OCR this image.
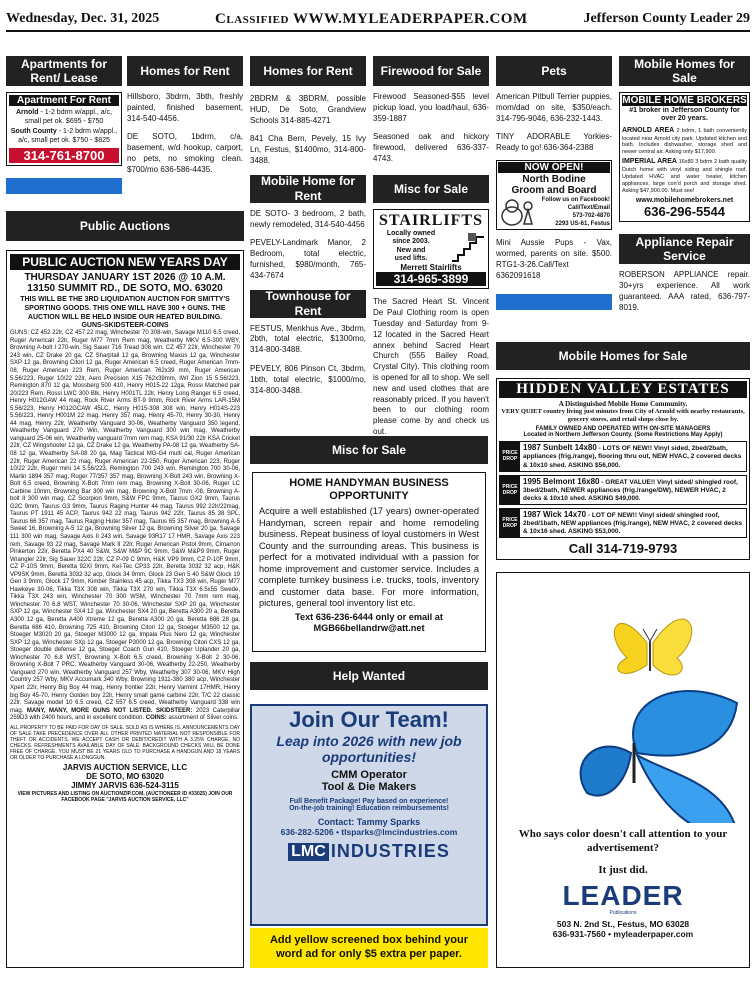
Wednesday, Dec. 31, 2025	Classified WWW.MYLEADERPAPER.COM	Jefferson County Leader 29
Apartments for Rent/ Lease
Apartment For Rent
Arnold - 1-2 bdrm w/appl., a/c, small pet ok. $695 - $750
South County - 1-2 bdrm w/appl., a/c, small pet ok. $750 - $825
314-761-8700
Public Auctions
PUBLIC AUCTION NEW YEARS DAY
THURSDAY JANUARY 1ST 2026 @ 10 A.M.
13150 SUMMIT RD., DE SOTO, MO. 63020
THIS WILL BE THE 3RD LIQUIDATION AUCTION FOR SMITTY'S SPORTING GOODS. THIS ONE WILL HAVE 300 + GUNS. THE AUCTION WILL BE HELD INSIDE OUR HEATED BUILDING.
GUNS-SKIDSTEER-COINS
GUNS: CZ 452 22lr, CZ 457 22 mag, Winchester 70 308-win, Savage M110 6.5 creed, Ruger American 22lr, Ruger M77 7mm Rem mag, Weatherby MKV 6.5-300 WBY, Browning A-bolt I 270-win, Sig Sauer 716 Tread 308 win, CZ 457 22lr, Winchester 70 243 win, CZ Drake 20 ga, CZ Sharptail 12 ga, Browning Maxus 12 ga, Winchester SXP 12 ga, Browning Citori 12 ga, Ruger American 6.5 creed, Ruger American 7mm-08, Ruger American 223 Rem, Ruger American 762x39 mm, Ruger American 5.56/223, Ruger 10/22 22lr, Aero Precision X15 762x39mm, IWI Zion 15 5.56/223, Remington 870 12 ga, Mossberg 500 410, Henry H015-22 12ga, Rossi Matched pair 20/223 Rem, Rossi LWC 300 Blk, Henry H001TL 22lr, Henry Long Ranger 6.5 creed, Henry H012GAW 44 mag, Rock River Arms BT-9 9mm, Rock River Arms LAR-15M 5.56/223, Henry H012GCAW 45LC, Henry H015-308 308 win, Henry H014S-223 5.56/223, Henry H001M 22 mag, Henry 357 mag, Henry 45-70, Henry 30-30, Henry 44 mag, Henry 22lr, Weatherby Vanguard 30-06, Weatherby Vanguard 350 legend, Weatherby Vanguard 270 Win, Weatherby Vanguard 300 win mag, Weatherby vanguard 25-06 win, Weatherby vanguard 7mm rem mag, KSA 91/30 22lr KSA Cricket 22lr, CZ Wingshooter 12 ga, CZ Drake 12 ga, Weatherby PA-08 12 ga, Weatherby SA-08 12 ga, Weatherby SA-08 20 ga, Mag Tactical MG-G4 multi cal, Ruger American 22lr, Ruger American 22 mag, Ruger American 22-250, Ruger American 223, Ruger 10/22 22lr, Ruger mini 14 5.56/223, Remington 700 243 win, Remington 700 30-06, Marlin 1894 357 mag, Ruger 77/357 357 mag, Browning X-Bolt 243 win, Browning X-Bolt 6.5 creed, Browning X-Bolt 7mm rem mag, Browning X-Bolt 30-06, Ruger LC Carbine 10mm, Browning Bar 300 win mag, Browning X-Bolt 7mm -08, Browning A-bolt II 300 win mag, CZ Scorpion 9mm, S&W FPC 9mm, Taurus GX2 9mm, Taurus G2C 9mm, Taurus G3 9mm, Taurus Raging Hunter 44 mag, Taurus 992 22lr/22mag, Taurus PT 1911 45 ACP, Taurus 942 22 mag, Taurus 942 22lr, Taurus 85 38 SPL, Taurus 66 357 mag, Taurus Raging Huter 357 mag, Taurus 65 357 mag, Browning A-5 Sweet 16, Browning A-5 12 ga, Browning Silver 12 ga, Browning Silver 20 ga, Savage 111 300 win mag, Savage Axis II 243 win, Savage 93R17 17 HMR, Savage Axis 223 rem, Savage 93 22 mag, Savage Mark II 22lr, Ruger American Pistol 9mm, Cimarron Pinkerton 22lr, Beretta PX4 40 S&W, S&W M&P 9C 9mm, S&W M&P9 9mm, Ruger Wrangler 22lr, Sig Sauer 322C 22lr, CZ P-09 C 9mm, H&K VP9 9mm, CZ P-10F 9mm, CZ P-10S 9mm, Beretta 92XI 9mm, Kel-Tec CP33 22lr, Beretta 3032 32 acp, H&K VP9SK 9mm, Beretta 3032 32 acp, Glock 34 9mm, Glock 23 Gen 5 40 S&W Glock 19 Gen 3 9mm, Glock 17 9mm, Kimber Stainless 45 acp, Tikka TX3 308 win, Ruger M77 Hawkeye 30-06, Tikka T3X 308 win, Tikka T3X 270 win, Tikka T3X 6.5x55 Swede, Tikka T3X 243 win, Winchester 70 300 WSM, Winchester 70 7mm rem mag, Winchester 70 6.8 WST, Winchester 70 30-06, Winchester SXP 20 ga, Winchester SXP 12 ga, Winchester SX4 12 ga, Winchester SX4 20 ga, Beretta A300 20 a, Beretta A300 12 ga, Beretta A400 Xtreme 12 ga, Beretta A300 20 ga, Beretta 686 28 ga, Beretta 686 410, Browning 725 410, Browning Citori 12 ga, Stoeger M3500 12 ga, Stoeger M3020 20 ga, Stoeger M3000 12 ga, Impala Plus Nero 12 ga, Winchester SXP 12 ga, Winchester SXp 12 ga, Stoeger P3000 12 ga, Browning Citori CXS 12 ga, Stoeger double defense 12 ga, Stoeger Coach Gun 410, Stoeger Uplander 20 ga, Winchester 70 6.8 WST, Browning X-Bolt 6.5 creed, Browning X-Bolt 2 30-06, Browning X-Bolt 7 PRC, Weatherby Vanguard 30-06, Weatherby 22-250, Weatherby Vanguard 270 win, Weatherby Vanguard 257 Wby, Weatherby 307 30-06, MKV High Country 257 Wby, MKV Accumark 340 Wby, Browning 1911-380 380 acp, Winchester Xpert 22lr, Henry Big Boy 44 mag, Henry frontier 22lr, Henry Varmint 17HMR, Henry big Boy 45-70, Henry Golden boy 22lr, Henry small game carbine 22lr, T/C 22 classic 22lr, Savage model 10 6.5 creed, CZ 557 6.5 creed, Weatherby Vanguard 338 win mag. MANY, MANY, MORE GUNS NOT LISTED. SKIDSTEER: 2023 Caterpillar 259D3 with 2400 hours, and in excellent condition. COINS: assortment of Silver coins.
ALL PROPERTY TO BE PAID FOR DAY OF SALE. SOLD AS IS WHERE IS. ANNOUNCEMENTS DAY OF SALE TAKE PRECEDENCE OVER ALL OTHER PRINTED MATERIAL NOT RESPONSIBLE FOR THEFT OR ACCIDENTS. WE ACCEPT CASH OR DEBIT/CREDIT WITH A 3.25% CHARGE, NO CHECKS. REFRESHMENTS AVAILABLE DAY OF SALE. BACKGROUND CHECKS WILL BE DONE FREE OF CHARGE. YOU MUST BE 21 YEARS OLD TO PURCHASE A HANDGUN AND 18 YEARS OR OLDER TO PURCHASE A LONGGUN.
JARVIS AUCTION SERVICE, LLC
DE SOTO, MO 63020
JIMMY JARVIS 636-524-3115
VIEW PICTURES AND LISTING ON AUCTIONZIP.COM, (AUCTIONEER ID #33025) JOIN OUR FACEBOOK PAGE "JARVIS AUCTION SERVICE, LLC"
Homes for Rent
Hillsboro, 3bdrm, 3bth, freshly painted, finished basement, 314-540-4456.
DE SOTO, 1bdrm, c/a, basement, w/d hookup, carport, no pets, no smoking clean. $700/mo 636-586-4435.
Homes for Rent
2BDRM & 3BDRM, possible HUD, De Soto, Grandview Schools 314-885-4271
841 Cha Bern, Pevely, 15 Ivy Ln, Festus, $1400mo, 314-800-3488.
Mobile Home for Rent
DE SOTO- 3 bedroom, 2 bath, newly remodeled, 314-540-4456
PEVELY-Landmark Manor, 2 Bedroom, total electric, furnished, $980/month, 765-434-7674
Townhouse for Rent
FESTUS, Menkhus Ave., 3bdrm, 2bth, total electric, $1300mo, 314-800-3488.
PEVELY, 806 Pinson Ct, 3bdrm, 1bth, total electric, $1000/mo, 314-800-3488.
Misc for Sale
HOME HANDYMAN BUSINESS OPPORTUNITY
Acquire a well established (17 years) owner-operated Handyman, screen repair and home remodeling business. Repeat business of loyal customers in West County and the surrounding areas. This business is perfect for a motivated individual with a passion for home improvement and customer service. Includes a complete turnkey business i.e. trucks, tools, inventory and customer data base. For more information, pictures, general tool inventory list etc.
Text 636-236-6444 only or email at MGB66bellandrw@att.net
Help Wanted
Join Our Team!
Leap into 2026 with new job opportunities!
CMM Operator
Tool & Die Makers
Full Benefit Package! Pay based on experience!
On-the-job training! Education reimbursements!
Contact: Tammy Sparks
636-282-5206 • tlsparks@lmcindustries.com
LMC INDUSTRIES
Add yellow screened box behind your word ad for only $5 extra per paper.
Firewood for Sale
Firewood Seasoned-$55 level pickup load, you load/haul, 636-359-1887
Seasoned oak and hickory firewood, delivered 636-337-4743.
Misc for Sale
STAIRLIFTS
Locally owned
since 2003.
New and
used lifts.
Merrett Stairlifts
314-965-3899
The Sacred Heart St. Vincent De Paul Clothing room is open Tuesday and Saturday from 9-12 located in the Sacred Heart annex behind Sacred Heart Church (555 Bailey Road, Crystal City). This clothing room is opened for all to shop. We sell new and used clothes that are reasonably priced. If you haven't been to our clothing room please come by and check us out.
Pets
American Pitbull Terrier puppies, mom/dad on site, $350/each. 314-795-9046, 636-232-1443.
TINY ADORABLE Yorkies- Ready to go! 636-364-2388
NOW OPEN!
North Bodine
Groom and Board
Follow us on Facebook!
Call/Text/Email
573-702-4870
2293 US-61, Festus
Mini Aussie Pups - Vax, wormed, parents on site. $500. RTG1-3-26.Call/Text 6362091618
Mobile Homes for Sale
MOBILE HOME BROKERS
#1 broker in Jefferson County for over 20 years.
ARNOLD AREA 2 bdrm, 1 bath conveniently located near Arnold city park. Updated kitchen and bath. Includes dishwasher, storage shed and newer central air. Asking only $17,900.
IMPERIAL AREA 16x80 3 bdrm 2 bath quality Dutch home with vinyl siding and shingle roof. Updated HVAC and water heater, kitchen appliances, large con'd porch and storage shed. Asking $47,900.00. Must see!
www.mobilehomebrokers.net
636-296-5544
Appliance Repair Service
ROBERSON APPLIANCE repair. 30+yrs experience. All work guaranteed. AAA rated, 636-797-8019.
Mobile Homes for Sale
HIDDEN VALLEY ESTATES
A Distinguished Mobile Home Community.
VERY QUIET country living just minutes from City of Arnold with nearby restaurants, grocery stores, and retail shops close by.
FAMILY OWNED AND OPERATED WITH ON-SITE MANAGERS
Located in Northern Jefferson County. (Some Restrictions May Apply)
PRICE DROP
1987 Sunbelt 14x80 - LOTS OF NEW!! Vinyl sided, 2bed/2bath, appliances (frig./range), flooring thru out, NEW HVAC, 2 covered decks & 10x10 shed. ASKING $56,000.
PRICE DROP
1995 Belmont 16x80 - GREAT VALUE!! Vinyl sided/ shingled roof, 3bed/2bath, NEWER appliances (frig./range/DW), NEWER HVAC, 2 decks & 10x10 shed. ASKING $49,000.
PRICE DROP
1987 Wick 14x70 - LOT OF NEW!! Vinyl sided/ shingled roof, 2bed/1bath, NEW appliances (frig./range), NEW HVAC, 2 covered decks & 10x16 shed. ASKING $53,000.
Call 314-719-9793
Who says color doesn't call attention to your advertisement?
It just did.
LEADER
Publications
503 N. 2nd St., Festus, MO 63028
636-931-7560 • myleaderpaper.com
